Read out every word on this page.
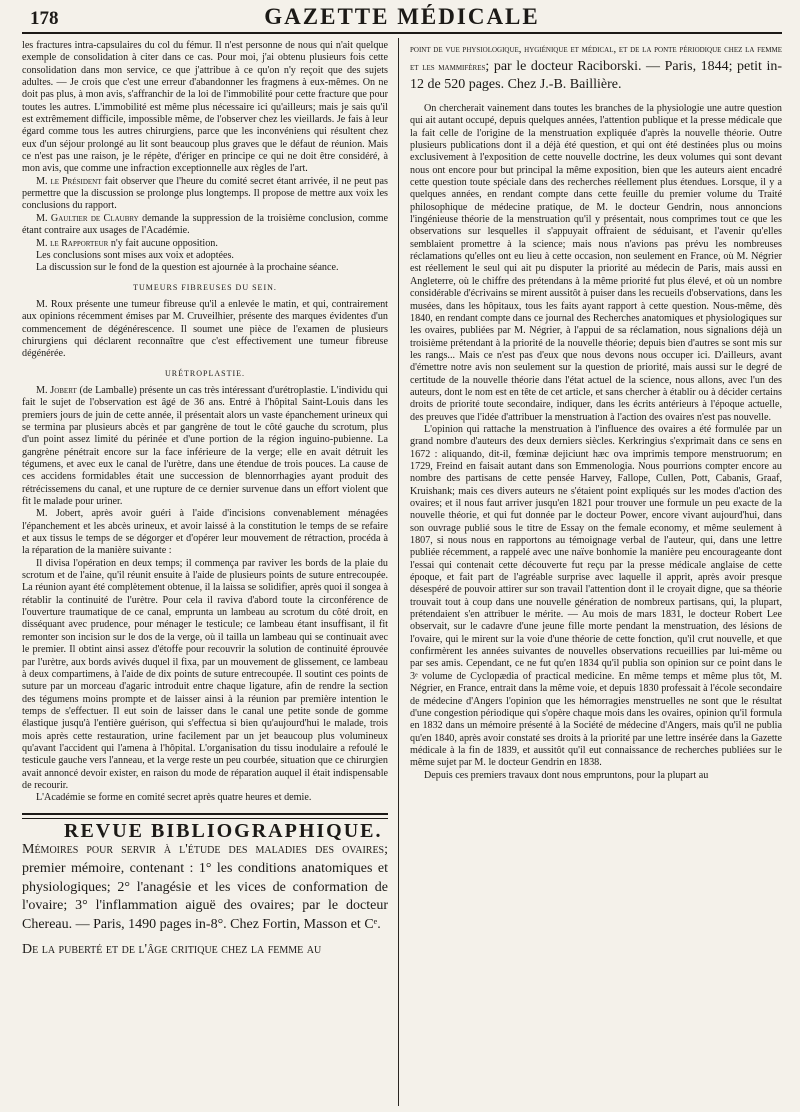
178	GAZETTE MÉDICALE

les fractures intra-capsulaires du col du fémur. Il n'est personne de nous qui n'ait quelque exemple de consolidation à citer dans ce cas. Pour moi, j'ai obtenu plusieurs fois cette consolidation dans mon service, ce que j'attribue à ce qu'on n'y reçoit que des sujets adultes. — Je crois que c'est une erreur d'abandonner les fragmens à eux-mêmes. On ne doit pas plus, à mon avis, s'affranchir de la loi de l'immobilité pour cette fracture que pour toutes les autres. L'immobilité est même plus nécessaire ici qu'ailleurs; mais je sais qu'il est extrêmement difficile, impossible même, de l'observer chez les vieillards. Je fais à leur égard comme tous les autres chirurgiens, parce que les inconvéniens qui résultent chez eux d'un séjour prolongé au lit sont beaucoup plus graves que le défaut de réunion. Mais ce n'est pas une raison, je le répète, d'ériger en principe ce qui ne doit être considéré, à mon avis, que comme une infraction exceptionnelle aux règles de l'art.

M. le Président fait observer que l'heure du comité secret étant arrivée, il ne peut pas permettre que la discussion se prolonge plus longtemps. Il propose de mettre aux voix les conclusions du rapport.

M. Gaultier de Claubry demande la suppression de la troisième conclusion, comme étant contraire aux usages de l'Académie.

M. le Rapporteur n'y fait aucune opposition.

Les conclusions sont mises aux voix et adoptées.

La discussion sur le fond de la question est ajournée à la prochaine séance.

TUMEURS FIBREUSES DU SEIN.

M. Roux présente une tumeur fibreuse qu'il a enlevée le matin, et qui, contrairement aux opinions récemment émises par M. Cruveilhier, présente des marques évidentes d'un commencement de dégénérescence. Il soumet une pièce de l'examen de plusieurs chirurgiens qui déclarent reconnaître que c'est effectivement une tumeur fibreuse dégénérée.

URÉTROPLASTIE.

M. Jobert (de Lamballe) présente un cas très intéressant d'urétroplastie. L'individu qui fait le sujet de l'observation est âgé de 36 ans. Entré à l'hôpital Saint-Louis dans les premiers jours de juin de cette année, il présentait alors un vaste épanchement urineux qui se termina par plusieurs abcès et par gangrène de tout le côté gauche du scrotum, plus d'un point assez limité du périnée et d'une portion de la région inguino-pubienne. La gangrène pénétrait encore sur la face inférieure de la verge; elle en avait détruit les tégumens, et avec eux le canal de l'urètre, dans une étendue de trois pouces. La cause de ces accidens formidables était une succession de blennorrhagies ayant produit des rétrécissemens du canal, et une rupture de ce dernier survenue dans un effort violent que fit le malade pour uriner.

M. Jobert, après avoir guéri à l'aide d'incisions convenablement ménagées l'épanchement et les abcès urineux, et avoir laissé à la constitution le temps de se refaire et aux tissus le temps de se dégorger et d'opérer leur mouvement de rétraction, procéda à la réparation de la manière suivante :

Il divisa l'opération en deux temps; il commença par raviver les bords de la plaie du scrotum et de l'aine, qu'il réunit ensuite à l'aide de plusieurs points de suture entrecoupée. La réunion ayant été complètement obtenue, il la laissa se solidifier, après quoi il songea à rétablir la continuité de l'urètre. Pour cela il raviva d'abord toute la circonférence de l'ouverture traumatique de ce canal, emprunta un lambeau au scrotum du côté droit, en disséquant avec prudence, pour ménager le testicule; ce lambeau étant insuffisant, il fit remonter son incision sur le dos de la verge, où il tailla un lambeau qui se continuait avec le premier. Il obtint ainsi assez d'étoffe pour recouvrir la solution de continuité éprouvée par l'urètre, aux bords avivés duquel il fixa, par un mouvement de glissement, ce lambeau à deux compartimens, à l'aide de dix points de suture entrecoupée. Il soutint ces points de suture par un morceau d'agaric introduit entre chaque ligature, afin de rendre la section des tégumens moins prompte et de laisser ainsi à la réunion par première intention le temps de s'effectuer. Il eut soin de laisser dans le canal une petite sonde de gomme élastique jusqu'à l'entière guérison, qui s'effectua si bien qu'aujourd'hui le malade, trois mois après cette restauration, urine facilement par un jet beaucoup plus volumineux qu'avant l'accident qui l'amena à l'hôpital. L'organisation du tissu inodulaire a refoulé le testicule gauche vers l'anneau, et la verge reste un peu courbée, situation que ce chirurgien avait annoncé devoir exister, en raison du mode de réparation auquel il était indispensable de recourir.

L'Académie se forme en comité secret après quatre heures et demie.

REVUE BIBLIOGRAPHIQUE.

Mémoires pour servir à l'étude des maladies des ovaires; premier mémoire, contenant : 1° les conditions anatomiques et physiologiques; 2° l'anagésie et les vices de conformation de l'ovaire; 3° l'inflammation aiguë des ovaires; par le docteur Chereau. — Paris, 1490 pages in-8°. Chez Fortin, Masson et Cᵉ.

De la puberté et de l'âge critique chez la femme au

point de vue physiologique, hygiénique et médical, et de la ponte périodique chez la femme et les mammifères; par le docteur Raciborski. — Paris, 1844; petit in-12 de 520 pages. Chez J.-B. Baillière.

On chercherait vainement dans toutes les branches de la physiologie une autre question qui ait autant occupé, depuis quelques années, l'attention publique et la presse médicale que la fait celle de l'origine de la menstruation expliquée d'après la nouvelle théorie. Outre plusieurs publications dont il a déjà été question, et qui ont été destinées plus ou moins exclusivement à l'exposition de cette nouvelle doctrine, les deux volumes qui sont devant nous ont encore pour but principal la même exposition, bien que les auteurs aient encadré cette question toute spéciale dans des recherches réellement plus étendues. Lorsque, il y a quelques années, en rendant compte dans cette feuille du premier volume du Traité philosophique de médecine pratique, de M. le docteur Gendrin, nous annoncions l'ingénieuse théorie de la menstruation qu'il y présentait, nous comprimes tout ce que les observations sur lesquelles il s'appuyait offraient de séduisant, et l'avenir qu'elles semblaient promettre à la science; mais nous n'avions pas prévu les nombreuses réclamations qu'elles ont eu lieu à cette occasion, non seulement en France, où M. Négrier est réellement le seul qui ait pu disputer la priorité au médecin de Paris, mais aussi en Angleterre, où le chiffre des prétendans à la même priorité fut plus élevé, et où un nombre considérable d'écrivains se mirent aussitôt à puiser dans les recueils d'observations, dans les musées, dans les hôpitaux, tous les faits ayant rapport à cette question. Nous-même, dès 1840, en rendant compte dans ce journal des Recherches anatomiques et physiologiques sur les ovaires, publiées par M. Négrier, à l'appui de sa réclamation, nous signalions déjà un troisième prétendant à la priorité de la nouvelle théorie; depuis bien d'autres se sont mis sur les rangs... Mais ce n'est pas d'eux que nous devons nous occuper ici. D'ailleurs, avant d'émettre notre avis non seulement sur la question de priorité, mais aussi sur le degré de certitude de la nouvelle théorie dans l'état actuel de la science, nous allons, avec l'un des auteurs, dont le nom est en tête de cet article, et sans chercher à établir ou à décider certains droits de priorité toute secondaire, indiquer, dans les écrits antérieurs à l'époque actuelle, des preuves que l'idée d'attribuer la menstruation à l'action des ovaires n'est pas nouvelle.

L'opinion qui rattache la menstruation à l'influence des ovaires a été formulée par un grand nombre d'auteurs des deux derniers siècles. Kerkringius s'exprimait dans ce sens en 1672 : aliquando, dit-il, fœminæ dejiciunt hæc ova imprimis tempore menstruorum; en 1729, Freind en faisait autant dans son Emmenologia. Nous pourrions compter encore au nombre des partisans de cette pensée Harvey, Fallope, Cullen, Pott, Cabanis, Graaf, Kruishank; mais ces divers auteurs ne s'étaient point expliqués sur les modes d'action des ovaires; et il nous faut arriver jusqu'en 1821 pour trouver une formule un peu exacte de la nouvelle théorie, et qui fut donnée par le docteur Power, encore vivant aujourd'hui, dans son ouvrage publié sous le titre de Essay on the female economy, et même seulement à 1807, si nous nous en rapportons au témoignage verbal de l'auteur, qui, dans une lettre publiée récemment, a rappelé avec une naïve bonhomie la manière peu encourageante dont l'essai qui contenait cette découverte fut reçu par la presse médicale anglaise de cette époque, et fait part de l'agréable surprise avec laquelle il apprit, après avoir presque désespéré de pouvoir attirer sur son travail l'attention dont il le croyait digne, que sa théorie trouvait tout à coup dans une nouvelle génération de nombreux partisans, qui, la plupart, prétendaient s'en attribuer le mérite. — Au mois de mars 1831, le docteur Robert Lee observait, sur le cadavre d'une jeune fille morte pendant la menstruation, des lésions de l'ovaire, qui le mirent sur la voie d'une théorie de cette fonction, qu'il crut nouvelle, et que confirmèrent les années suivantes de nouvelles observations recueillies par lui-même ou par ses amis. Cependant, ce ne fut qu'en 1834 qu'il publia son opinion sur ce point dans le 3ᵉ volume de Cyclopædia of practical medicine. En même temps et même plus tôt, M. Négrier, en France, entrait dans la même voie, et depuis 1830 professait à l'école secondaire de médecine d'Angers l'opinion que les hémorragies menstruelles ne sont que le résultat d'une congestion périodique qui s'opère chaque mois dans les ovaires, opinion qu'il formula en 1832 dans un mémoire présenté à la Société de médecine d'Angers, mais qu'il ne publia qu'en 1840, après avoir constaté ses droits à la priorité par une lettre insérée dans la Gazette médicale à la fin de 1839, et aussitôt qu'il eut connaissance de recherches publiées sur le même sujet par M. le docteur Gendrin en 1838.

Depuis ces premiers travaux dont nous empruntons, pour la plupart au
